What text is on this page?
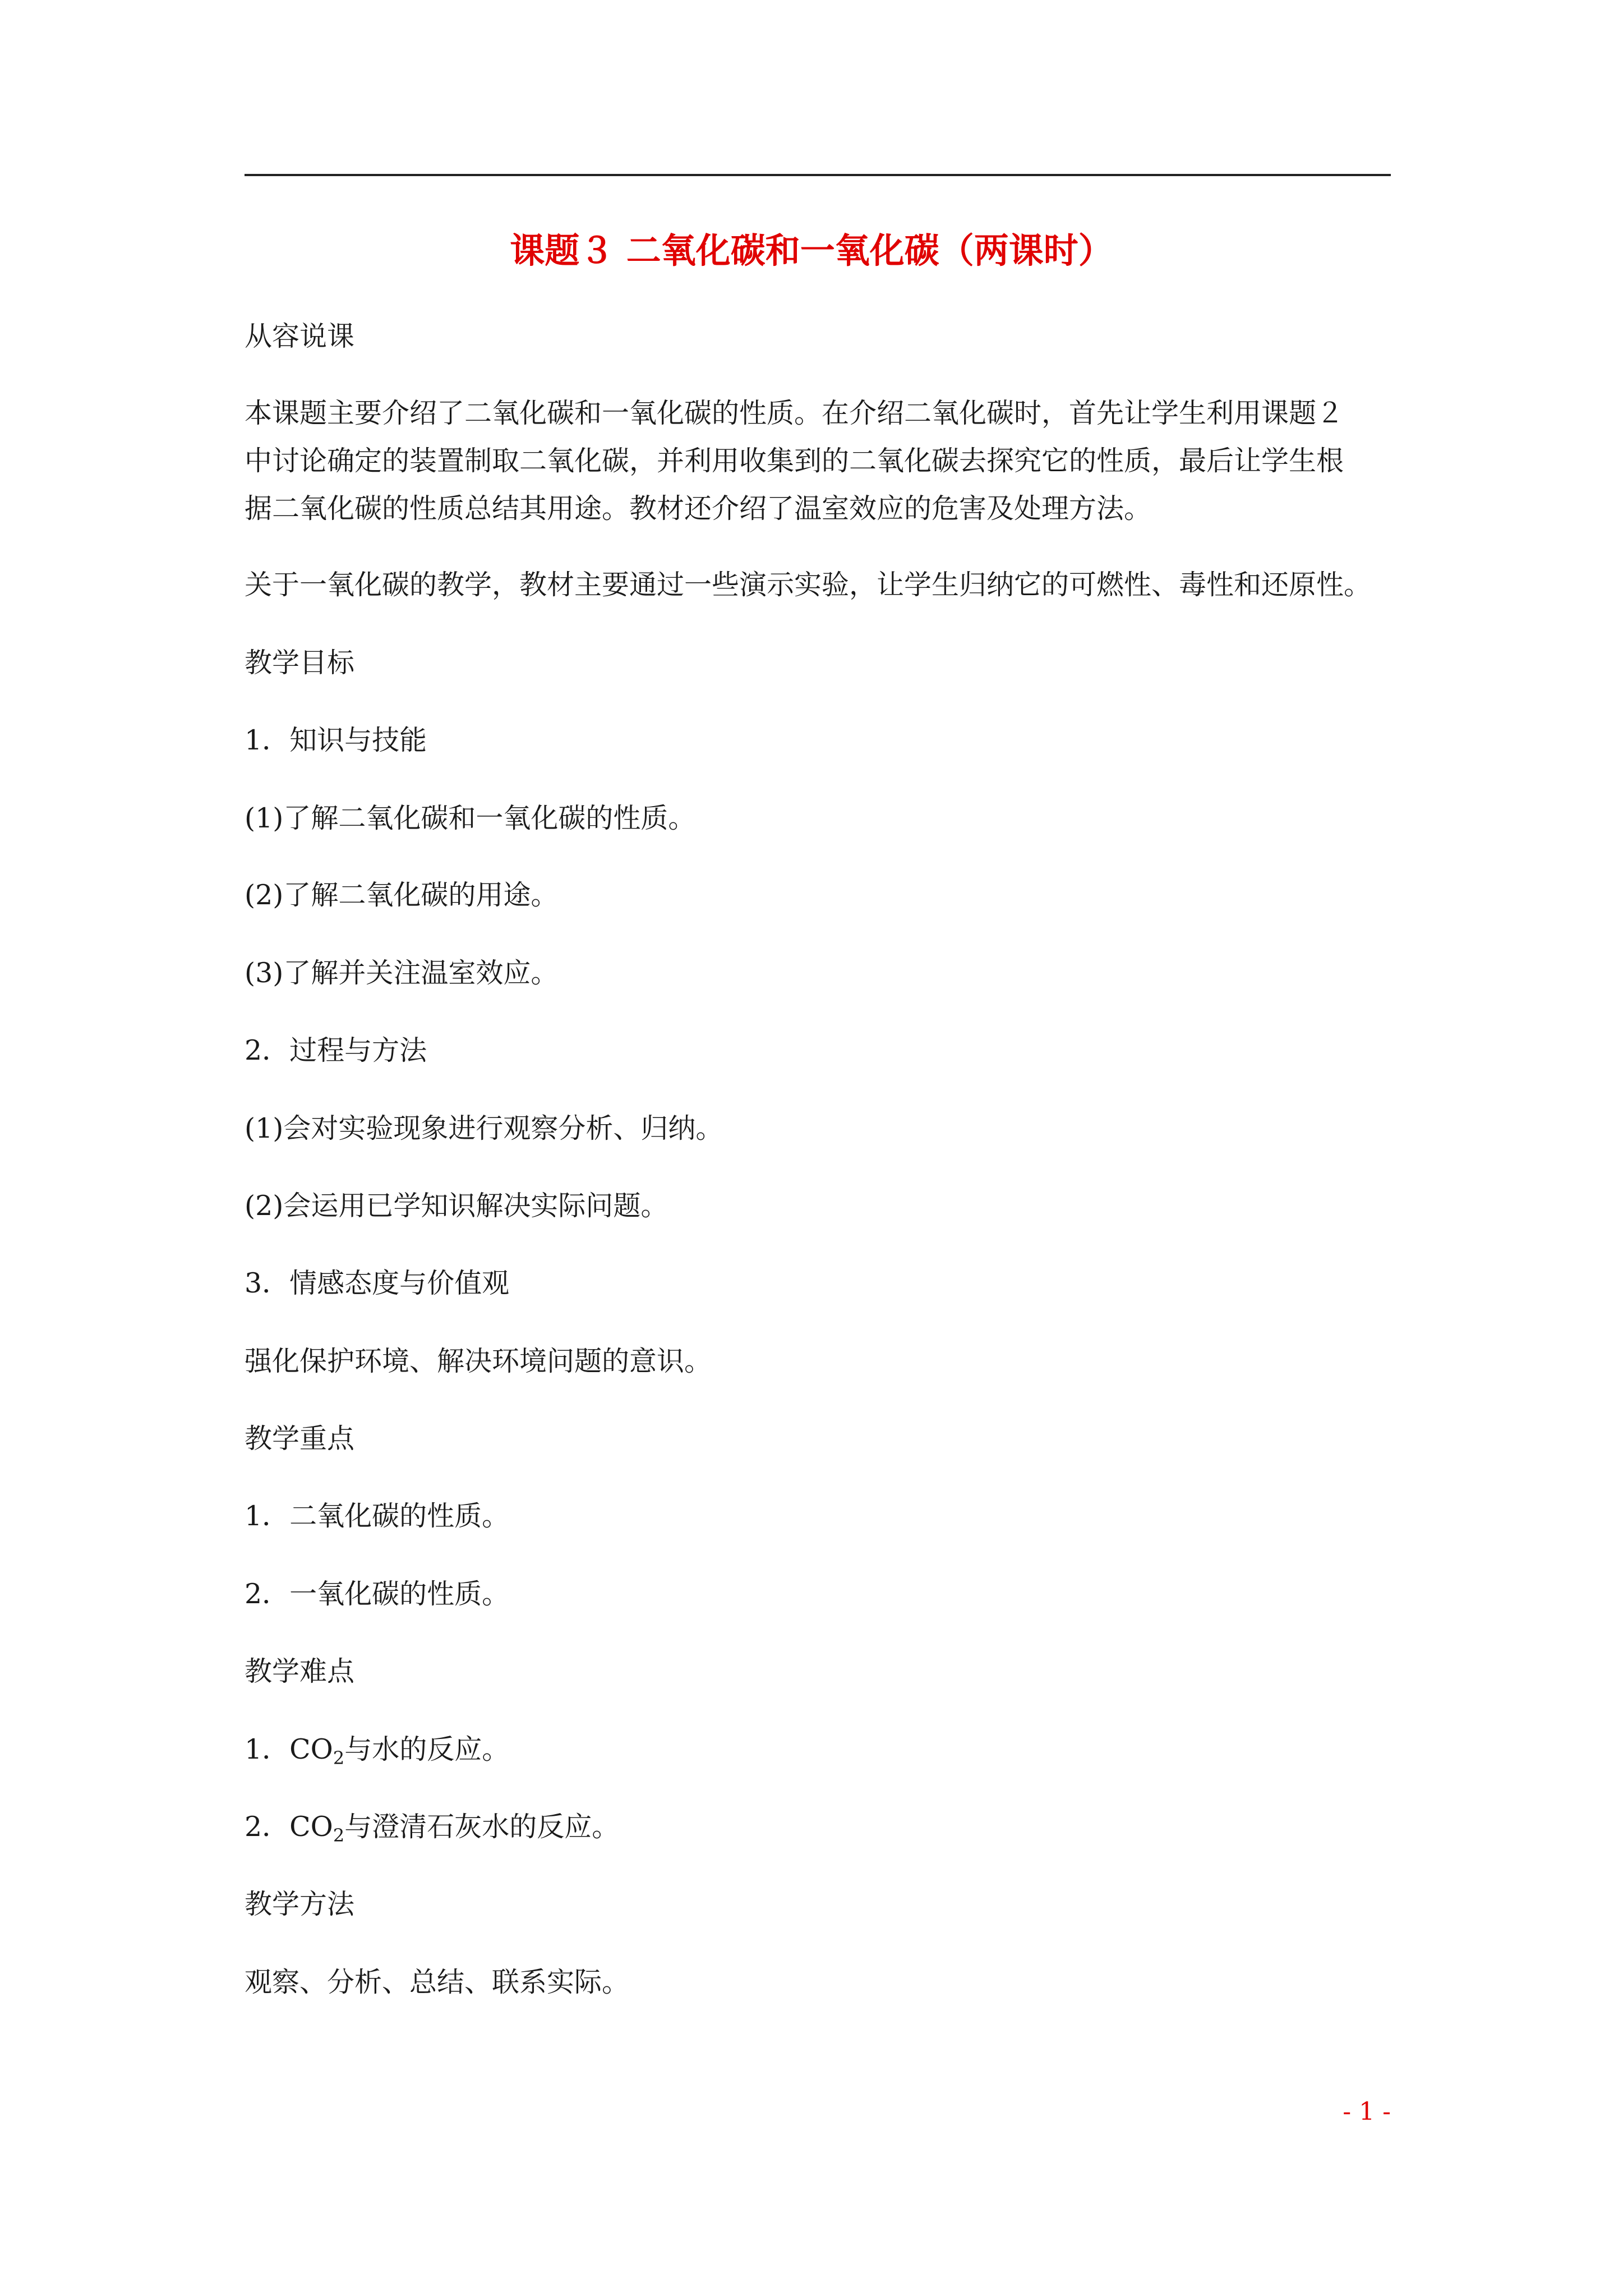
课题３ 二氧化碳和一氧化碳（两课时）

从容说课

本课题主要介绍了二氧化碳和一氧化碳的性质。在介绍二氧化碳时，首先让学生利用课题２

中讨论确定的装置制取二氧化碳，并利用收集到的二氧化碳去探究它的性质，最后让学生根

据二氧化碳的性质总结其用途。教材还介绍了温室效应的危害及处理方法。

关于一氧化碳的教学，教材主要通过一些演示实验，让学生归纳它的可燃性、毒性和还原性。

教学目标

1．知识与技能

(1)了解二氧化碳和一氧化碳的性质。

(2)了解二氧化碳的用途。

(3)了解并关注温室效应。

2．过程与方法

(1)会对实验现象进行观察分析、归纳。

(2)会运用已学知识解决实际问题。

3．情感态度与价值观

强化保护环境、解决环境问题的意识。

教学重点

1．二氧化碳的性质。

2．一氧化碳的性质。

教学难点

1．$CO_2$与水的反应。

2．$CO_2$与澄清石灰水的反应。

教学方法

观察、分析、总结、联系实际。

- 1 -
